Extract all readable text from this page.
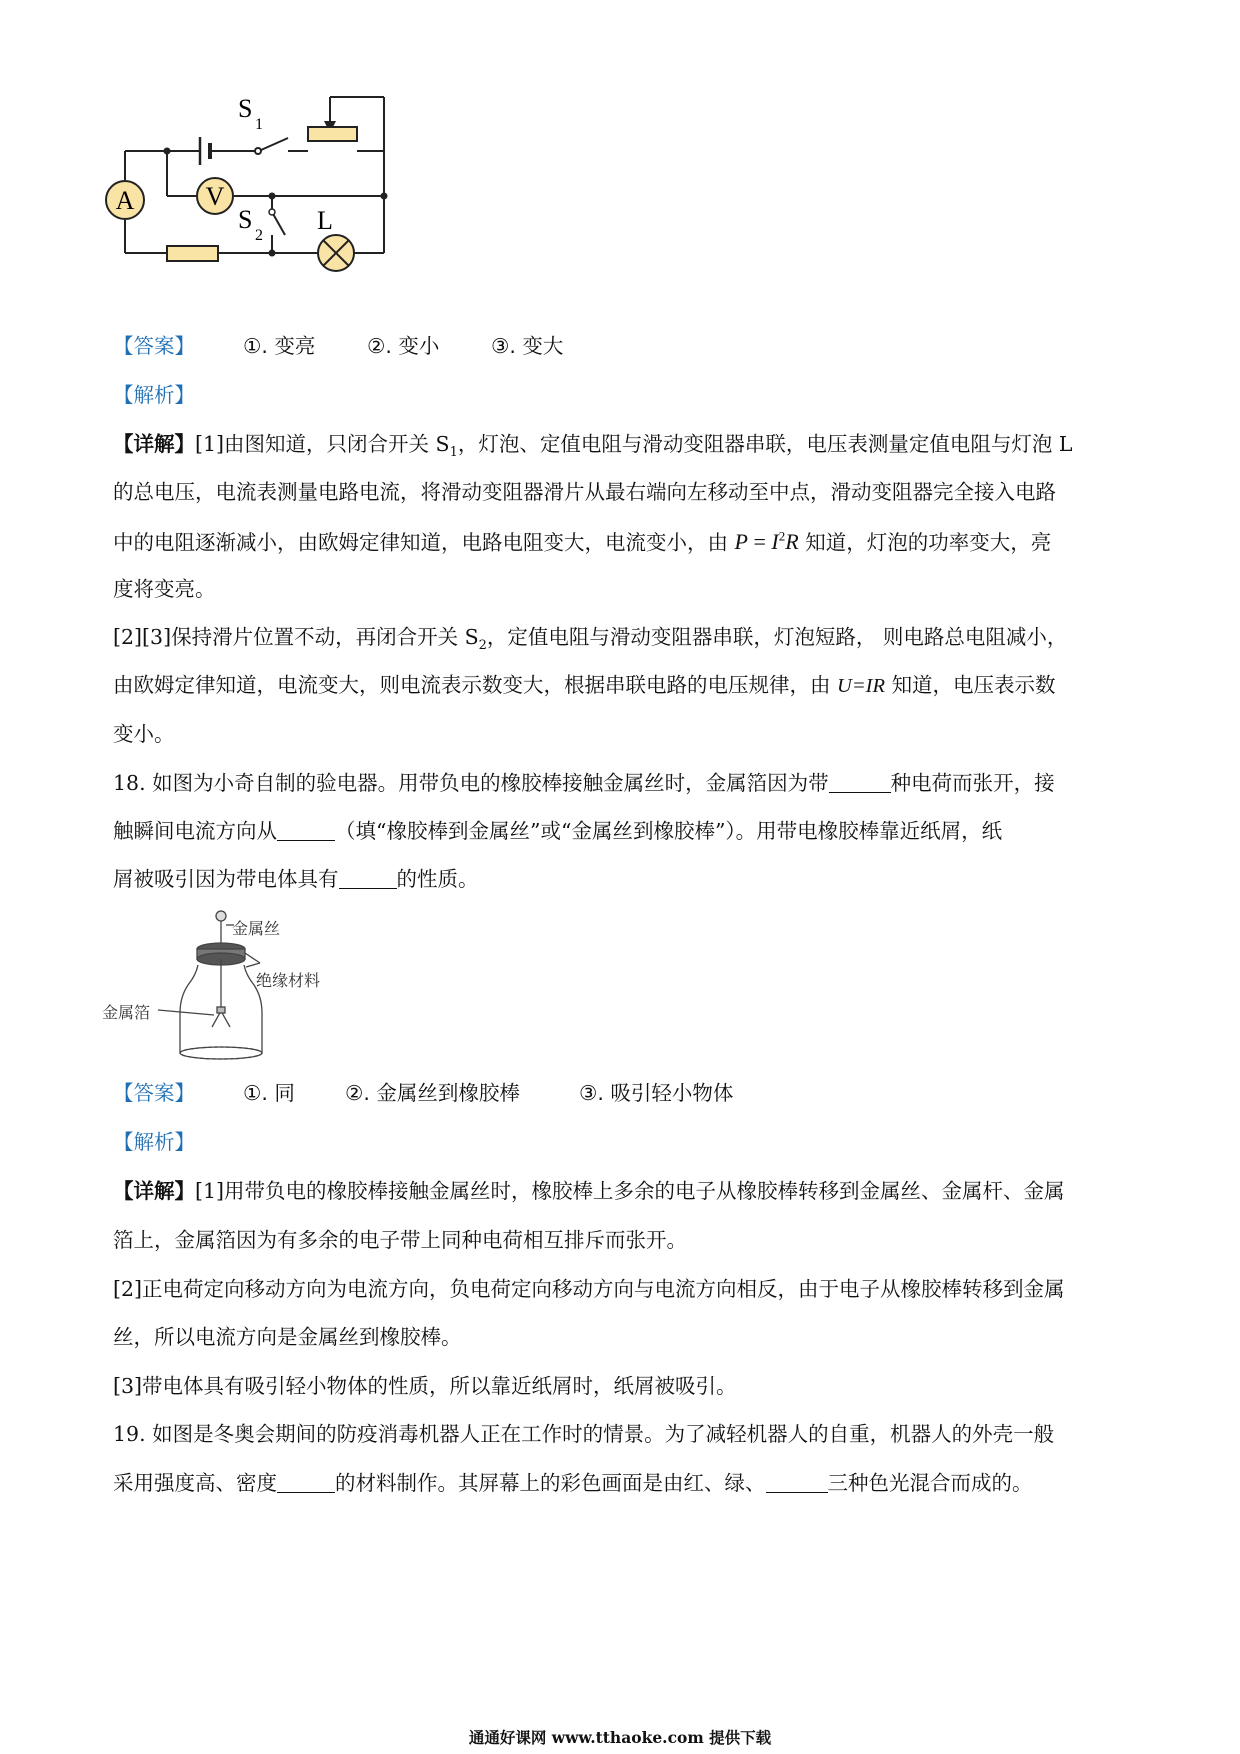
A	V
S
1
S
2
L
【答案】 ①. 变亮	②. 变小	③. 变大
【解析】
【详解】[1]由图知道，只闭合开关 $S_1$，灯泡、定值电阻与滑动变阻器串联，电压表测量定值电阻与灯泡 L
的总电压，电流表测量电路电流，将滑动变阻器滑片从最右端向左移动至中点，滑动变阻器完全接入电路
中的电阻逐渐减小，由欧姆定律知道，电路电阻变大，电流变小，由 $P = I^2R$ 知道，灯泡的功率变大，亮
度将变亮。
[2][3]保持滑片位置不动，再闭合开关 $S_2$，定值电阻与滑动变阻器串联，灯泡短路， 则电路总电阻减小，
由欧姆定律知道，电流变大，则电流表示数变大，根据串联电路的电压规律，由 U=IR 知道，电压表示数
变小。
18. 如图为小奇自制的验电器。用带负电的橡胶棒接触金属丝时，金属箔因为带	种电荷而张开，接
触瞬间电流方向从	（填“橡胶棒到金属丝”或“金属丝到橡胶棒”）。用带电橡胶棒靠近纸屑，纸
屑被吸引因为带电体具有	的性质。
金属丝
绝缘材料
金属箔
【答案】 ①. 同 ②. 金属丝到橡胶棒	③. 吸引轻小物体
【解析】
【详解】[1]用带负电的橡胶棒接触金属丝时，橡胶棒上多余的电子从橡胶棒转移到金属丝、金属杆、金属
箔上，金属箔因为有多余的电子带上同种电荷相互排斥而张开。
[2]正电荷定向移动方向为电流方向，负电荷定向移动方向与电流方向相反，由于电子从橡胶棒转移到金属
丝，所以电流方向是金属丝到橡胶棒。
[3]带电体具有吸引轻小物体的性质，所以靠近纸屑时，纸屑被吸引。
19. 如图是冬奥会期间的防疫消毒机器人正在工作时的情景。为了减轻机器人的自重，机器人的外壳一般
采用强度高、密度	的材料制作。其屏幕上的彩色画面是由红、绿、	三种色光混合而成的。
通通好课网 www.tthaoke.com 提供下载
